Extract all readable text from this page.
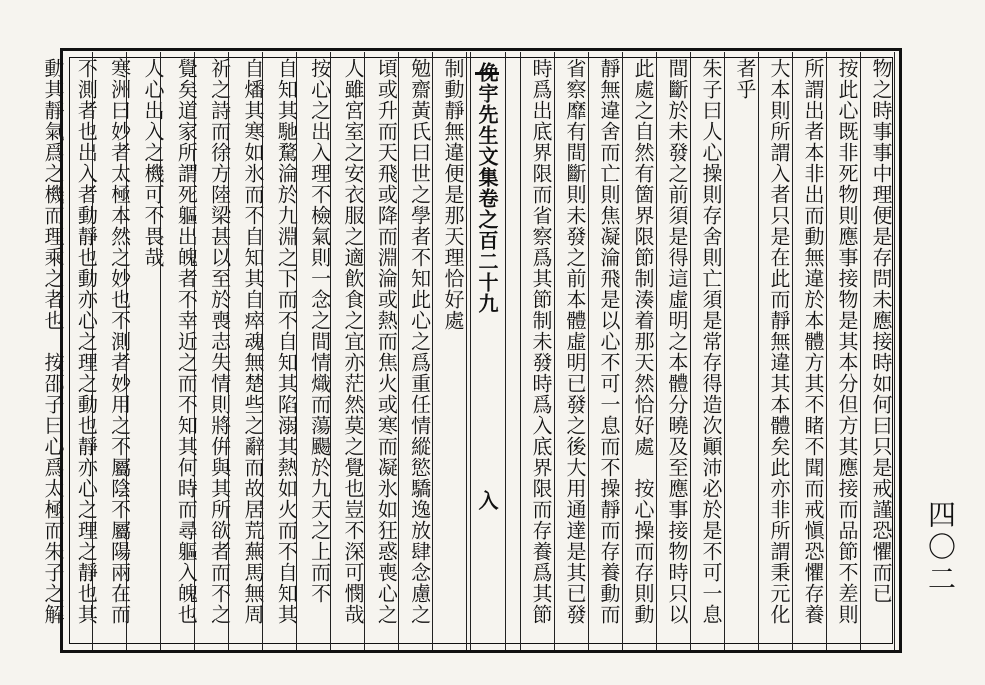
物之時事事中理便是存問未應接時如何曰只是戒謹恐懼而已
按此心既非死物則應事接物是其本分但方其應接而品節不差則
所謂出者本非出而動無違於本體方其不睹不聞而戒愼恐懼存養
大本則所謂入者只是在此而靜無違其本體矣此亦非所謂秉元化
者乎
朱子曰人心操則存舍則亡須是常存得造次顚沛必於是不可一息
間斷於未發之前須是得這虛明之本體分曉及至應事接物時只以
此處之自然有箇界限節制湊着那天然恰好處　按心操而存則動
靜無違舍而亡則焦凝淪飛是以心不可一息而不操靜而存養動而
省察靡有間斷則未發之前本體虛明已發之後大用通達是其已發
時爲出底界限而省察爲其節制未發時爲入底界限而存養爲其節
俛宇先生文集卷之百二十九
入
制動靜無違便是那天理恰好處
勉齋黃氏曰世之學者不知此心之爲重任情縱慾驕逸放肆念慮之
頃或升而天飛或降而淵淪或熱而焦火或寒而凝氷如狂惑喪心之
人雖宮室之安衣服之適飮食之宜亦茫然莫之覺也豈不深可憫哉
按心之出入理不檢氣則一念之間情熾而蕩颺於九天之上而不
自知其馳騖淪於九淵之下而不自知其陷溺其熱如火而不自知其
自燔其寒如氷而不自知其自瘁魂無楚些之辭而故居荒蕪馬無周
祈之詩而徐方陸梁甚以至於喪志失情則將倂與其所欲者而不之
覺矣道家所謂死軀出魄者不幸近之而不知其何時而尋軀入魄也
人心出入之機可不畏哉
寒洲曰妙者太極本然之妙也不測者妙用之不屬陰不屬陽兩在而
不測者也出入者動靜也動亦心之理之動也靜亦心之理之靜也其
動其靜氣爲之機而理乘之者也　按邵子曰心爲太極而朱子之解	四〇二
